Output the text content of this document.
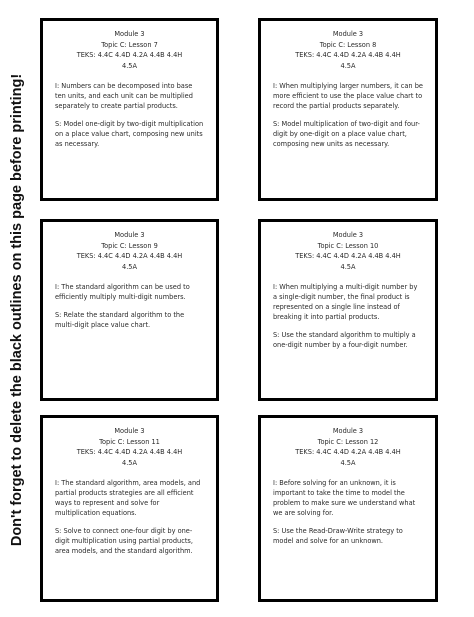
Don't forget to delete the black outlines on this page before printing!
Module 3
Topic C: Lesson 7
TEKS: 4.4C 4.4D 4.2A 4.4B 4.4H
4.5A

I: Numbers can be decomposed into base ten units, and each unit can be multiplied separately to create partial products.

S: Model one-digit by two-digit multiplication on a place value chart, composing new units as necessary.

Module 3
Topic C: Lesson 8
TEKS: 4.4C 4.4D 4.2A 4.4B 4.4H
4.5A

I: When multiplying larger numbers, it can be more efficient to use the place value chart to record the partial products separately.

S: Model multiplication of two-digit and four-digit by one-digit on a place value chart, composing new units as necessary.

Module 3
Topic C: Lesson 9
TEKS: 4.4C 4.4D 4.2A 4.4B 4.4H
4.5A

I: The standard algorithm can be used to efficiently multiply multi-digit numbers.

S: Relate the standard algorithm to the multi-digit place value chart.

Module 3
Topic C: Lesson 10
TEKS: 4.4C 4.4D 4.2A 4.4B 4.4H
4.5A

I: When multiplying a multi-digit number by a single-digit number, the final product is represented on a single line instead of breaking it into partial products.

S: Use the standard algorithm to multiply a one-digit number by a four-digit number.

Module 3
Topic C: Lesson 11
TEKS: 4.4C 4.4D 4.2A 4.4B 4.4H
4.5A

I: The standard algorithm, area models, and partial products strategies are all efficient ways to represent and solve for multiplication equations.

S: Solve to connect one-four digit by one-digit multiplication using partial products, area models, and the standard algorithm.

Module 3
Topic C: Lesson 12
TEKS: 4.4C 4.4D 4.2A 4.4B 4.4H
4.5A

I: Before solving for an unknown, it is important to take the time to model the problem to make sure we understand what we are solving for.

S: Use the Read-Draw-Write strategy to model and solve for an unknown.
